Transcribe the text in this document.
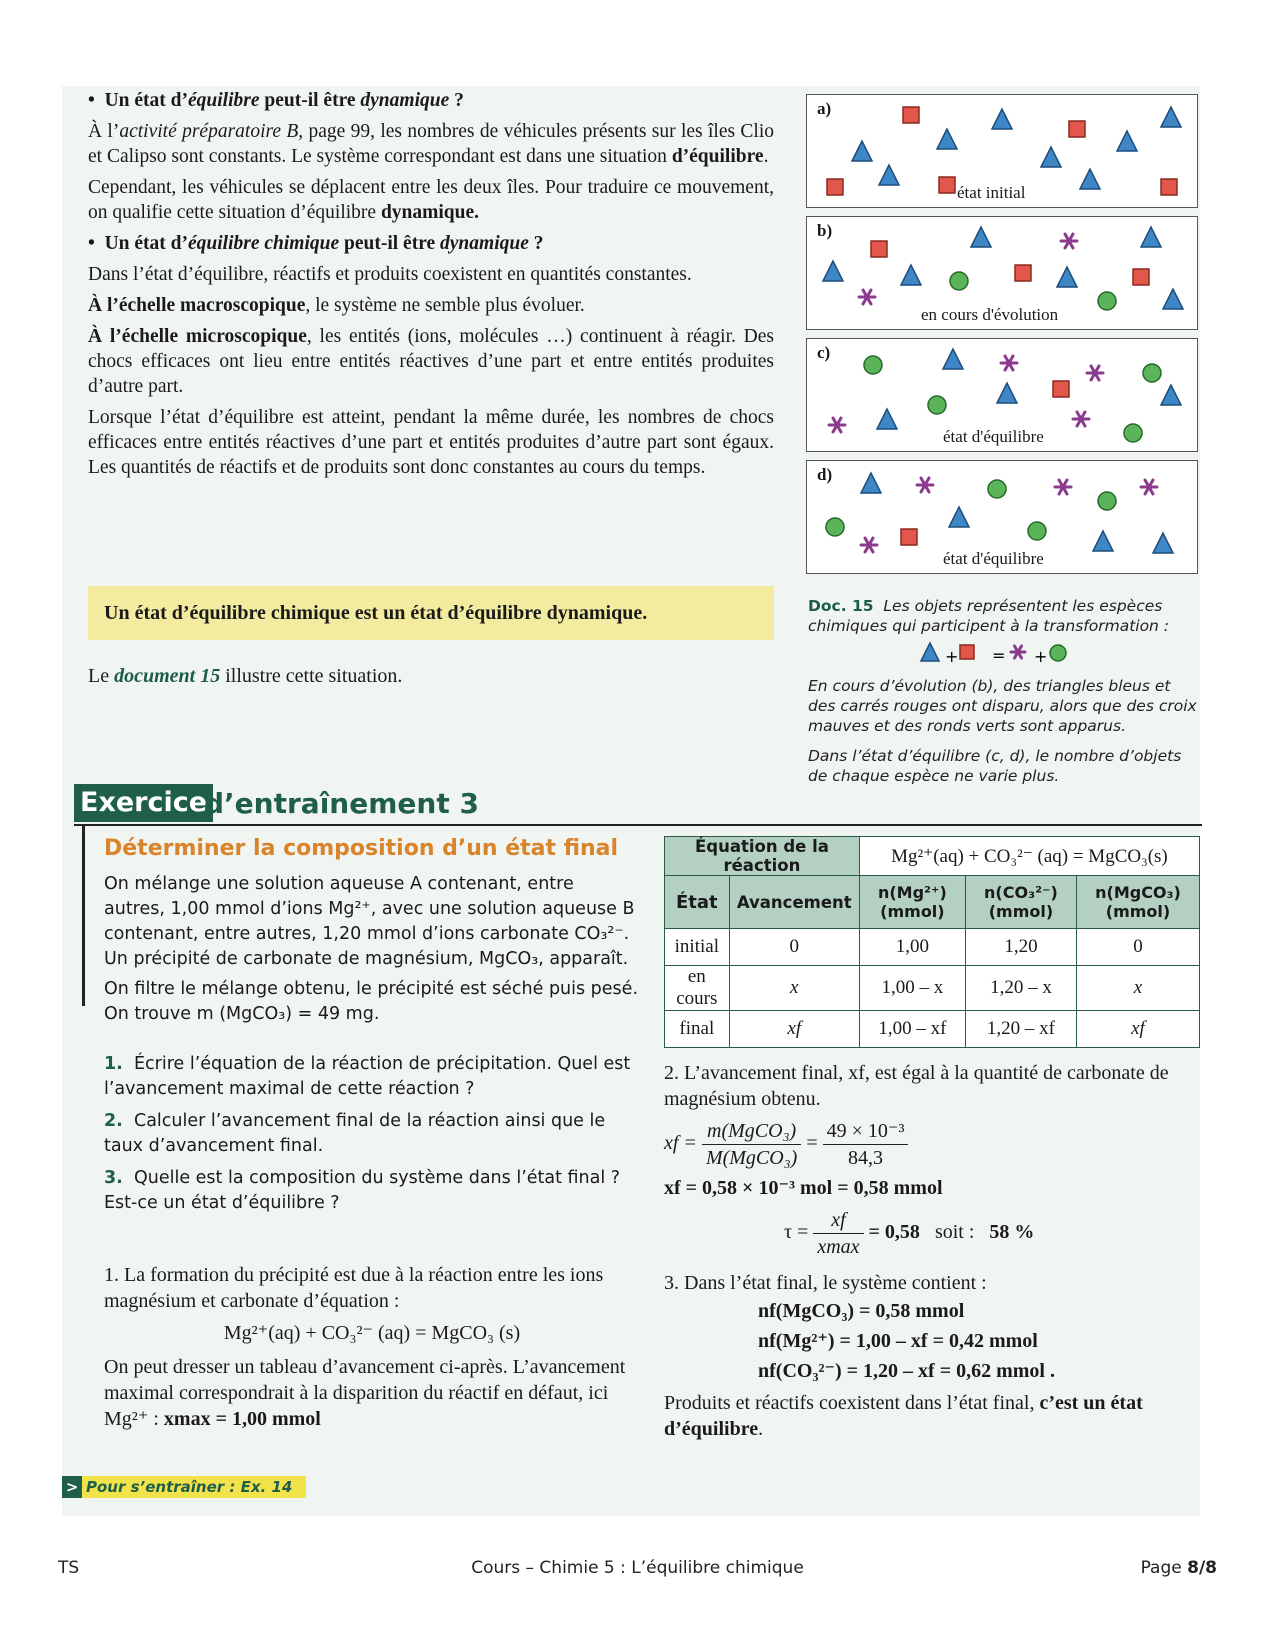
•  Un état d’équilibre peut-il être dynamique ?

À l’activité préparatoire B, page 99, les nombres de véhicules présents sur les îles Clio et Calipso sont constants. Le système correspondant est dans une situation d’équilibre.

Cependant, les véhicules se déplacent entre les deux îles. Pour traduire ce mouvement, on qualifie cette situation d’équilibre dynamique.

•  Un état d’équilibre chimique peut-il être dynamique ?

Dans l’état d’équilibre, réactifs et produits coexistent en quantités constantes.

À l’échelle macroscopique, le système ne semble plus évoluer.

À l’échelle microscopique, les entités (ions, molécules …) continuent à réagir. Des chocs efficaces ont lieu entre entités réactives d’une part et entre entités produites d’autre part.

Lorsque l’état d’équilibre est atteint, pendant la même durée, les nombres de chocs efficaces entre entités réactives d’une part et entités produites d’autre part sont égaux. Les quantités de réactifs et de produits sont donc constantes au cours du temps.

Un état d’équilibre chimique est un état d’équilibre dynamique.
Le document 15 illustre cette situation.
a)
état initial
b)
en cours d'évolution
c)
état d'équilibre
d)
état d'équilibre

Doc. 15 Les objets représentent les espèces chimiques qui participent à la transformation :

+ = +

En cours d’évolution (b), des triangles bleus et des carrés rouges ont disparu, alors que des croix mauves et des ronds verts sont apparus.

Dans l’état d’équilibre (c, d), le nombre d’objets de chaque espèce ne varie plus.

Exercice
d’entraînement 3
Déterminer la composition d’un état final

On mélange une solution aqueuse A contenant, entre autres, 1,00 mmol d’ions Mg²⁺, avec une solution aqueuse B contenant, entre autres, 1,20 mmol d’ions carbonate CO₃²⁻. Un précipité de carbonate de magnésium, MgCO₃, apparaît.

On filtre le mélange obtenu, le précipité est séché puis pesé. On trouve m (MgCO₃) = 49 mg.

1. Écrire l’équation de la réaction de précipitation. Quel est l’avancement maximal de cette réaction ?

2. Calculer l’avancement final de la réaction ainsi que le taux d’avancement final.

3. Quelle est la composition du système dans l’état final ? Est-ce un état d’équilibre ?

1. La formation du précipité est due à la réaction entre les ions magnésium et carbonate d’équation :

Mg²⁺(aq) + CO₃²⁻ (aq) = MgCO₃ (s)

On peut dresser un tableau d’avancement ci-après. L’avancement maximal correspondrait à la disparition du réactif en défaut, ici Mg²⁺ : xmax = 1,00 mmol

> Pour s’entraîner : Ex. 14
Équation de la réaction		Mg²⁺(aq) + CO₃²⁻ (aq) = MgCO₃(s)		
État	Avancement	n(Mg²⁺) (mmol)	n(CO₃²⁻) (mmol)	n(MgCO₃) (mmol)
initial	0	1,00	1,20	0
en cours	x	1,00 – x	1,20 – x	x
final	xf	1,00 – xf	1,20 – xf	xf

2. L’avancement final, xf, est égal à la quantité de carbonate de magnésium obtenu.

xf = $\frac{\text{m(MgCO₃)}}{\text{M(MgCO₃)}} = \frac{\text{49 × 10⁻³}}{84,3}$

xf = 0,58 × 10⁻³ mol = 0,58 mmol

$\tau = \frac{xf}{xmax} = 0,58$ soit : 58 %

3. Dans l’état final, le système contient :

nf(MgCO₃) = 0,58 mmol
nf(Mg²⁺) = 1,00 – xf = 0,42 mmol
nf(CO₃²⁻) = 1,20 – xf = 0,62 mmol .

Produits et réactifs coexistent dans l’état final, c’est un état d’équilibre.

TS	Cours – Chimie 5 : L’équilibre chimique	Page 8/8
